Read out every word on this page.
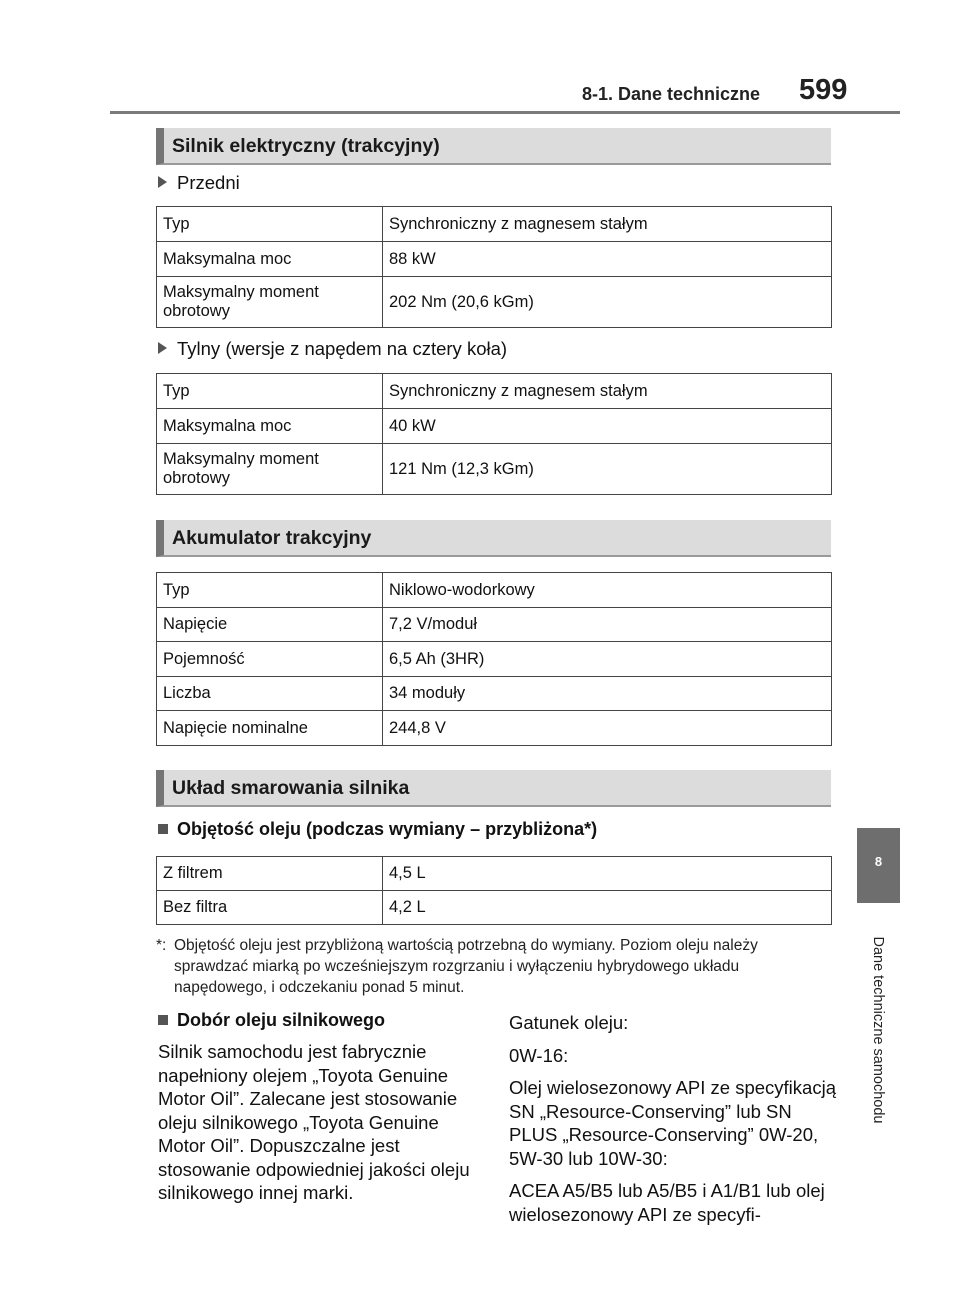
8-1. Dane techniczne 599
8
Dane techniczne samochodu
Silnik elektryczny (trakcyjny)
Przedni
Typ	Synchroniczny z magnesem stałym
Maksymalna moc	88 kW
Maksymalny moment obrotowy	202 Nm (20,6 kGm)
Tylny (wersje z napędem na cztery koła)
Typ	Synchroniczny z magnesem stałym
Maksymalna moc	40 kW
Maksymalny moment obrotowy	121 Nm (12,3 kGm)
Akumulator trakcyjny
Typ	Niklowo-wodorkowy
Napięcie	7,2 V/moduł
Pojemność	6,5 Ah (3HR)
Liczba	34 moduły
Napięcie nominalne	244,8 V
Układ smarowania silnika
Objętość oleju (podczas wymiany – przybliżona*)
Z filtrem	4,5 L
Bez filtra	4,2 L
*: Objętość oleju jest przybliżoną wartością potrzebną do wymiany. Poziom oleju należy sprawdzać miarką po wcześniejszym rozgrzaniu i wyłączeniu hybrydowego układu napędowego, i odczekaniu ponad 5 minut.
Dobór oleju silnikowego
Silnik samochodu jest fabrycznie napełniony olejem „Toyota Genuine Motor Oil”. Zalecane jest stosowanie oleju silnikowego „Toyota Genuine Motor Oil”. Dopuszczalne jest stosowanie odpowiedniej jakości oleju silnikowego innej marki.

Gatunek oleju:

0W-16:

Olej wielosezonowy API ze specyfikacją SN „Resource-Conserving” lub SN PLUS „Resource-Conserving” 0W-20, 5W-30 lub 10W-30:

ACEA A5/B5 lub A5/B5 i A1/B1 lub olej wielosezonowy API ze specyfi-
